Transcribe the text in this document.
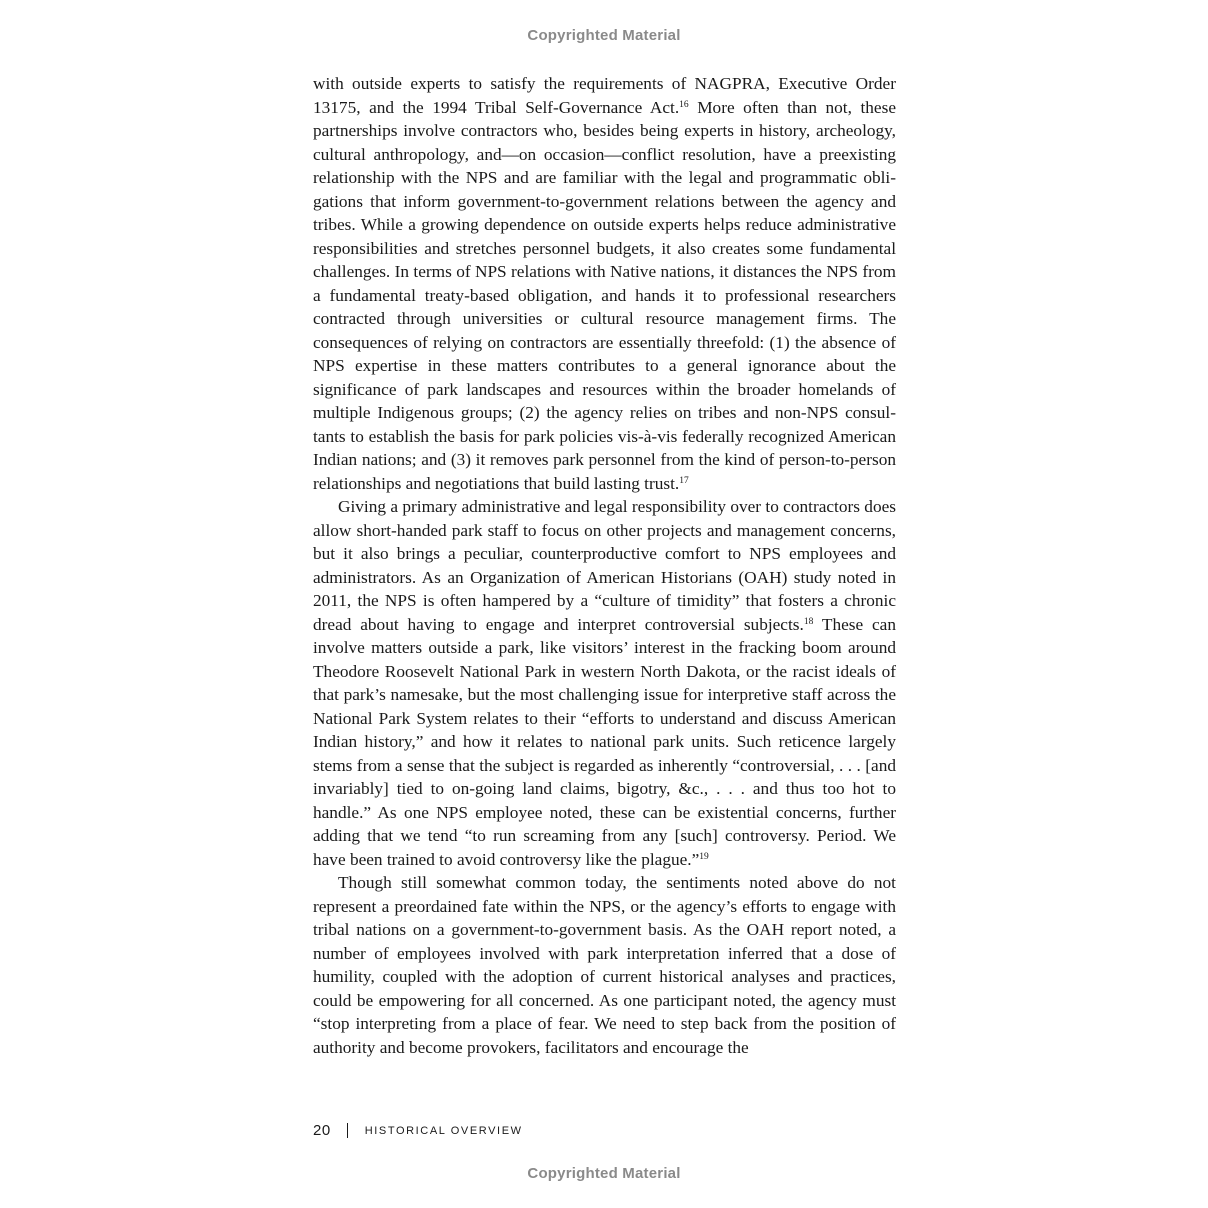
Copyrighted Material

with outside experts to satisfy the requirements of NAGPRA, Executive Order 13175, and the 1994 Tribal Self-Governance Act.$^{16}$ More often than not, these partnerships involve contractors who, besides being experts in history, archeology, cultural anthropology, and—on occasion—conflict resolution, have a preexisting relationship with the NPS and are familiar with the legal and programmatic obligations that inform government-to-government relations between the agency and tribes. While a growing dependence on outside experts helps reduce administrative responsibilities and stretches personnel budgets, it also creates some fundamental challenges. In terms of NPS relations with Native nations, it distances the NPS from a fundamental treaty-based obligation, and hands it to professional researchers contracted through universities or cultural resource management firms. The consequences of relying on contractors are essentially threefold: (1) the absence of NPS expertise in these matters contributes to a general ignorance about the significance of park landscapes and resources within the broader homelands of multiple Indigenous groups; (2) the agency relies on tribes and non-NPS consultants to establish the basis for park policies vis-à-vis federally recognized American Indian nations; and (3) it removes park personnel from the kind of person-to-person relationships and negotiations that build lasting trust.$^{17}$

Giving a primary administrative and legal responsibility over to contractors does allow short-handed park staff to focus on other projects and management concerns, but it also brings a peculiar, counterproductive comfort to NPS employees and administrators. As an Organization of American Historians (OAH) study noted in 2011, the NPS is often hampered by a “culture of timidity” that fosters a chronic dread about having to engage and interpret controversial subjects.$^{18}$ These can involve matters outside a park, like visitors’ interest in the fracking boom around Theodore Roosevelt National Park in western North Dakota, or the racist ideals of that park’s namesake, but the most challenging issue for interpretive staff across the National Park System relates to their “efforts to understand and discuss American Indian history,” and how it relates to national park units. Such reticence largely stems from a sense that the subject is regarded as inherently “controversial, . . . [and invariably] tied to on-going land claims, bigotry, &c., . . . and thus too hot to handle.” As one NPS employee noted, these can be existential concerns, further adding that we tend “to run screaming from any [such] controversy. Period. We have been trained to avoid controversy like the plague.”$^{19}$

Though still somewhat common today, the sentiments noted above do not represent a preordained fate within the NPS, or the agency’s efforts to engage with tribal nations on a government-to-government basis. As the OAH report noted, a number of employees involved with park interpretation inferred that a dose of humility, coupled with the adoption of current historical analyses and practices, could be empowering for all concerned. As one participant noted, the agency must “stop interpreting from a place of fear. We need to step back from the position of authority and become provokers, facilitators and encourage the

20	HISTORICAL OVERVIEW
Copyrighted Material
